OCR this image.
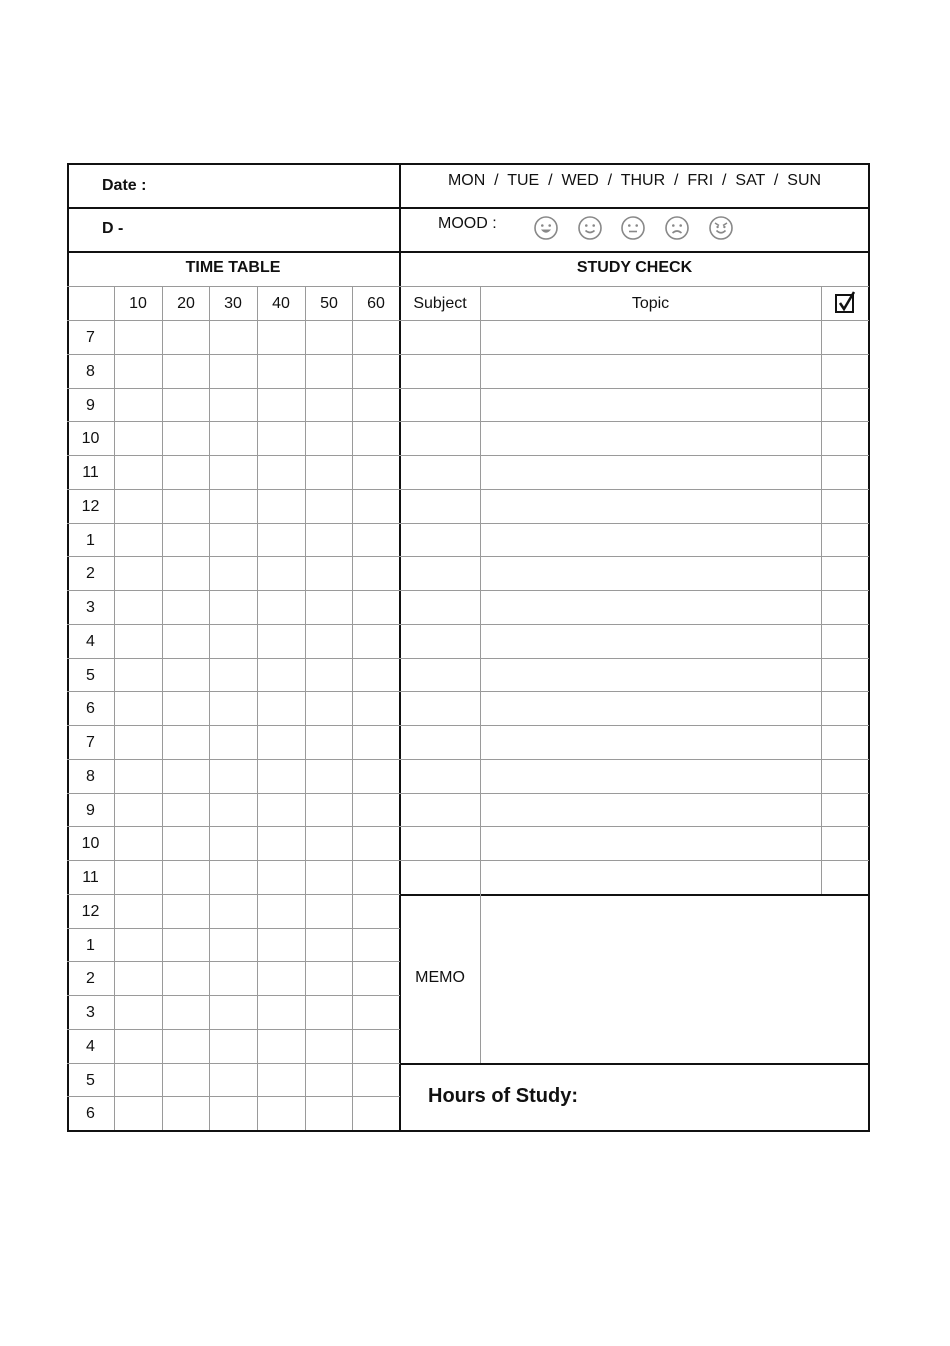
Date :
D -
MON  /  TUE  /  WED  /  THUR  /  FRI  /  SAT  /  SUN
MOOD :
TIME TABLE	STUDY CHECK
Subject	Topic
MEMO
Hours of Study:
10	20	30	40	50	60
7
8
9
10
11
12
1
2
3
4
5
6
7
8
9
10
11
12
1
2
3
4
5
6
